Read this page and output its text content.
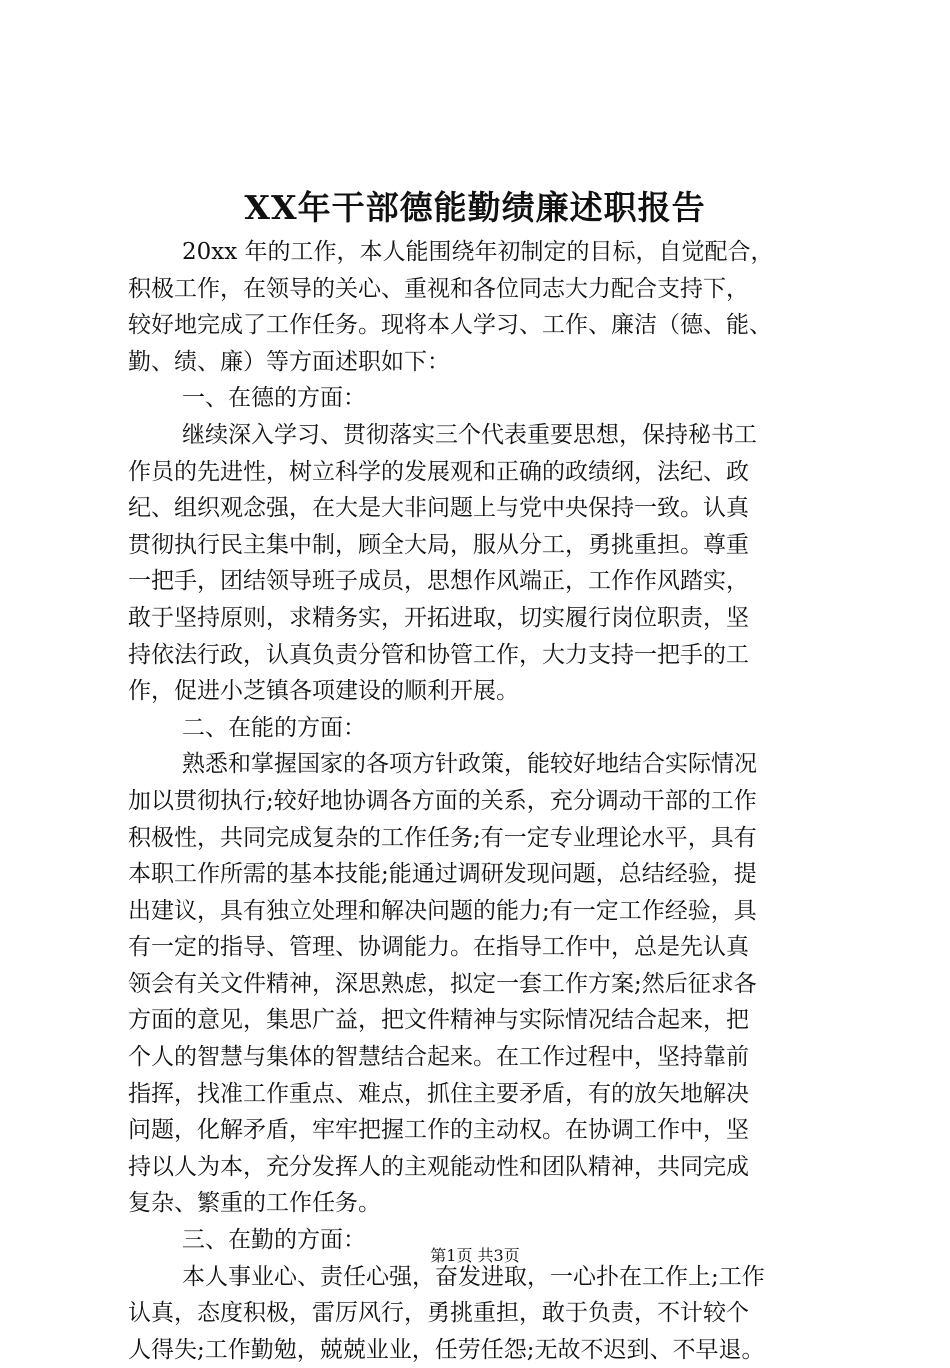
XX年干部德能勤绩廉述职报告
20xx 年的工作，本人能围绕年初制定的目标，自觉配合，
积极工作，在领导的关心、重视和各位同志大力配合支持下，
较好地完成了工作任务。现将本人学习、工作、廉洁（德、能、
勤、绩、廉）等方面述职如下：
一、在德的方面：
继续深入学习、贯彻落实三个代表重要思想，保持秘书工
作员的先进性，树立科学的发展观和正确的政绩纲，法纪、政
纪、组织观念强，在大是大非问题上与党中央保持一致。认真
贯彻执行民主集中制，顾全大局，服从分工，勇挑重担。尊重
一把手，团结领导班子成员，思想作风端正，工作作风踏实，
敢于坚持原则，求精务实，开拓进取，切实履行岗位职责，坚
持依法行政，认真负责分管和协管工作，大力支持一把手的工
作，促进小芝镇各项建设的顺利开展。
二、在能的方面：
熟悉和掌握国家的各项方针政策，能较好地结合实际情况
加以贯彻执行;较好地协调各方面的关系，充分调动干部的工作
积极性，共同完成复杂的工作任务;有一定专业理论水平，具有
本职工作所需的基本技能;能通过调研发现问题，总结经验，提
出建议，具有独立处理和解决问题的能力;有一定工作经验，具
有一定的指导、管理、协调能力。在指导工作中，总是先认真
领会有关文件精神，深思熟虑，拟定一套工作方案;然后征求各
方面的意见，集思广益，把文件精神与实际情况结合起来，把
个人的智慧与集体的智慧结合起来。在工作过程中，坚持靠前
指挥，找准工作重点、难点，抓住主要矛盾，有的放矢地解决
问题，化解矛盾，牢牢把握工作的主动权。在协调工作中，坚
持以人为本，充分发挥人的主观能动性和团队精神，共同完成
复杂、繁重的工作任务。
三、在勤的方面：
本人事业心、责任心强，奋发进取，一心扑在工作上;工作
认真，态度积极，雷厉风行，勇挑重担，敢于负责，不计较个
人得失;工作勤勉，兢兢业业，任劳任怨;无故不迟到、不早退。
第1页 共3页
